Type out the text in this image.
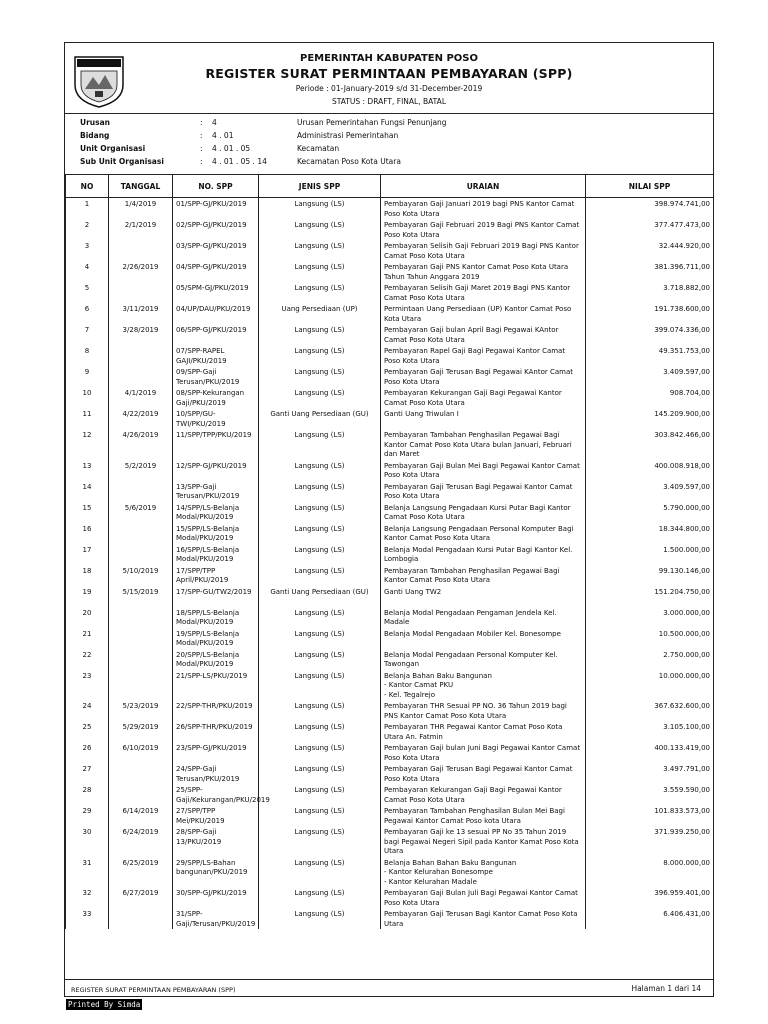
PEMERINTAH KABUPATEN POSO
REGISTER SURAT PERMINTAAN PEMBAYARAN (SPP)
Periode : 01-January-2019 s/d 31-December-2019
STATUS : DRAFT, FINAL, BATAL
Urusan	: 4	Urusan Pemerintahan Fungsi Penunjang
Bidang	: 4 . 01	Administrasi Pemerintahan
Unit Organisasi	: 4 . 01 . 05	Kecamatan
Sub Unit Organisasi	: 4 . 01 . 05 . 14	Kecamatan Poso Kota Utara
NO	TANGGAL	NO. SPP	JENIS SPP	URAIAN	NILAI SPP
1	1/4/2019	01/SPP-GJ/PKU/2019	Langsung (LS)	Pembayaran Gaji Januari 2019 bagi PNS Kantor Camat Poso Kota Utara	398.974.741,00
2	2/1/2019	02/SPP-GJ/PKU/2019	Langsung (LS)	Pembayaran Gaji Februari 2019 Bagi PNS Kantor Camat Poso Kota Utara	377.477.473,00
3		03/SPP-GJ/PKU/2019	Langsung (LS)	Pembayaran Selisih Gaji Februari 2019 Bagi PNS Kantor Camat Poso Kota Utara	32.444.920,00
4	2/26/2019	04/SPP-GJ/PKU/2019	Langsung (LS)	Pembayaran Gaji PNS Kantor Camat Poso Kota Utara Tahun Tahun Anggara 2019	381.396.711,00
5		05/SPM-GJ/PKU/2019	Langsung (LS)	Pembayaran Selisih Gaji Maret 2019 Bagi PNS Kantor Camat Poso Kota Utara	3.718.882,00
6	3/11/2019	04/UP/DAU/PKU/2019	Uang Persediaan (UP)	Permintaan Uang Persediaan (UP) Kantor Camat Poso Kota Utara	191.738.600,00
7	3/28/2019	06/SPP-GJ/PKU/2019	Langsung (LS)	Pembayaran Gaji bulan April Bagi Pegawai KAntor Camat Poso Kota Utara	399.074.336,00
8		07/SPP-RAPEL GAJI/PKU/2019	Langsung (LS)	Pembayaran Rapel Gaji Bagi Pegawai Kantor Camat Poso Kota Utara	49.351.753,00
9		09/SPP-Gaji Terusan/PKU/2019	Langsung (LS)	Pembayaran Gaji Terusan Bagi Pegawai KAntor Camat Poso Kota Utara	3.409.597,00
10	4/1/2019	08/SPP-Kekurangan Gaji/PKU/2019	Langsung (LS)	Pembayaran Kekurangan Gaji Bagi Pegawai Kantor Camat Poso Kota Utara	908.704,00
11	4/22/2019	10/SPP/GU-TWI/PKU/2019	Ganti Uang Persediaan (GU)	Ganti Uang Triwulan I	145.209.900,00
12	4/26/2019	11/SPP/TPP/PKU/2019	Langsung (LS)	Pembayaran Tambahan Penghasilan Pegawai Bagi Kantor Camat Poso Kota Utara bulan Januari, Februari dan Maret	303.842.466,00
13	5/2/2019	12/SPP-GJ/PKU/2019	Langsung (LS)	Pembayaran Gaji Bulan Mei Bagi Pegawai Kantor Camat Poso Kota Utara	400.008.918,00
14		13/SPP-Gaji Terusan/PKU/2019	Langsung (LS)	Pembayaran Gaji Terusan Bagi Pegawai Kantor Camat Poso Kota Utara	3.409.597,00
15	5/6/2019	14/SPP/LS-Belanja Modal/PKU/2019	Langsung (LS)	Belanja Langsung Pengadaan Kursi Putar Bagi Kantor Camat Poso Kota Utara	5.790.000,00
16		15/SPP/LS-Belanja Modal/PKU/2019	Langsung (LS)	Belanja Langsung Pengadaan Personal Komputer Bagi Kantor Camat Poso Kota Utara	18.344.800,00
17		16/SPP/LS-Belanja Modal/PKU/2019	Langsung (LS)	Belanja Modal Pengadaan Kursi Putar Bagi Kantor Kel. Lombogia	1.500.000,00
18	5/10/2019	17/SPP/TPP April/PKU/2019	Langsung (LS)	Pembayaran Tambahan Penghasilan Pegawai Bagi Kantor Camat Poso Kota Utara	99.130.146,00
19	5/15/2019	17/SPP-GU/TW2/2019	Ganti Uang Persediaan (GU)	Ganti Uang TW2	151.204.750,00
20		18/SPP/LS-Belanja Modal/PKU/2019	Langsung (LS)	Belanja Modal Pengadaan Pengaman Jendela Kel. Madale	3.000.000,00
21		19/SPP/LS-Belanja Modal/PKU/2019	Langsung (LS)	Belanja Modal Pengadaan Mobiler Kel. Bonesompe	10.500.000,00
22		20/SPP/LS-Belanja Modal/PKU/2019	Langsung (LS)	Belanja Modal Pengadaan Personal Komputer Kel. Tawongan	2.750.000,00
23		21/SPP-LS/PKU/2019	Langsung (LS)	Belanja Bahan Baku Bangunan
- Kantor Camat PKU
- Kel. Tegalrejo	10.000.000,00
24	5/23/2019	22/SPP-THR/PKU/2019	Langsung (LS)	Pembayaran THR Sesuai PP NO. 36 Tahun 2019 bagi PNS Kantor Camat Poso Kota Utara	367.632.600,00
25	5/29/2019	26/SPP-THR/PKU/2019	Langsung (LS)	Pembayaran THR Pegawai Kantor Camat Poso Kota Utara An. Fatmin	3.105.100,00
26	6/10/2019	23/SPP-GJ/PKU/2019	Langsung (LS)	Pembayaran Gaji bulan Juni Bagi Pegawai Kantor Camat Poso Kota Utara	400.133.419,00
27		24/SPP-Gaji Terusan/PKU/2019	Langsung (LS)	Pembayaran Gaji Terusan Bagi Pegawai Kantor Camat Poso Kota Utara	3.497.791,00
28		25/SPP-Gaji/Kekurangan/PKU/2019	Langsung (LS)	Pembayaran Kekurangan Gaji Bagi Pegawai Kantor Camat Poso Kota Utara	3.559.590,00
29	6/14/2019	27/SPP/TPP Mei/PKU/2019	Langsung (LS)	Pembayaran Tambahan Penghasilan Bulan Mei Bagi Pegawai Kantor Camat Poso kota Utara	101.833.573,00
30	6/24/2019	28/SPP-Gaji 13/PKU/2019	Langsung (LS)	Pembayaran Gaji ke 13 sesuai PP No 35 Tahun 2019 bagi Pegawai Negeri Sipil pada Kantor Kamat Poso Kota Utara	371.939.250,00
31	6/25/2019	29/SPP/LS-Bahan bangunan/PKU/2019	Langsung (LS)	Belanja Bahan Bahan Baku Bangunan
- Kantor Kelurahan Bonesompe
- Kantor Kelurahan Madale	8.000.000,00
32	6/27/2019	30/SPP-GJ/PKU/2019	Langsung (LS)	Pembayaran Gaji Bulan Juli Bagi Pegawai Kantor Camat Poso Kota Utara	396.959.401,00
33		31/SPP-Gaji/Terusan/PKU/2019	Langsung (LS)	Pembayaran Gaji Terusan Bagi Kantor Camat Poso Kota Utara	6.406.431,00
REGISTER SURAT PERMINTAAN PEMBAYARAN (SPP)	Halaman 1 dari 14
Printed By Simda
